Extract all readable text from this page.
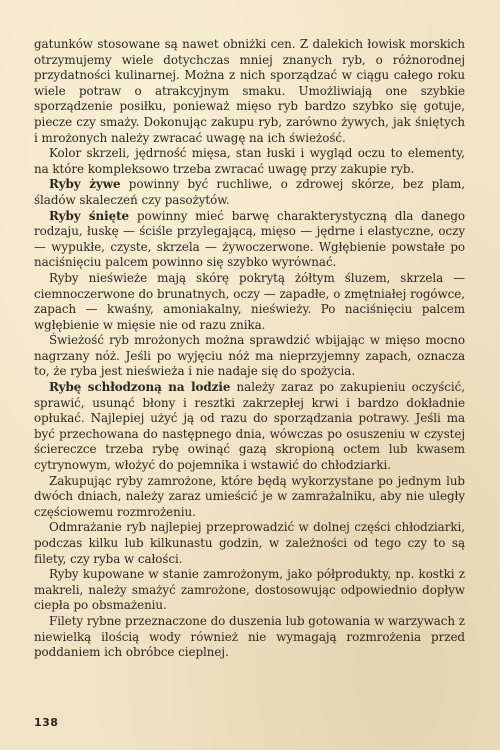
gatunków stosowane są nawet obniżki cen. Z dalekich łowisk morskich otrzymujemy wiele dotychczas mniej znanych ryb, o różnorodnej przydatności kulinarnej. Można z nich sporządzać w ciągu całego roku wiele potraw o atrakcyjnym smaku. Umożliwiają one szybkie sporządzenie posiłku, ponieważ mięso ryb bardzo szybko się gotuje, piecze czy smaży. Dokonując zakupu ryb, zarówno żywych, jak śniętych i mrożonych należy zwracać uwagę na ich świeżość.

Kolor skrzeli, jędrność mięsa, stan łuski i wygląd oczu to elementy, na które kompleksowo trzeba zwracać uwagę przy zakupie ryb.

Ryby żywe powinny być ruchliwe, o zdrowej skórze, bez plam, śladów skaleczeń czy pasożytów.

Ryby śnięte powinny mieć barwę charakterystyczną dla danego rodzaju, łuskę — ściśle przylegającą, mięso — jędrne i elastyczne, oczy — wypukłe, czyste, skrzela — żywoczerwone. Wgłębienie powstałe po naciśnięciu palcem powinno się szybko wyrównać.

Ryby nieświeże mają skórę pokrytą żółtym śluzem, skrzela — ciemnoczerwone do brunatnych, oczy — zapadłe, o zmętniałej rogówce, zapach — kwaśny, amoniakalny, nieświeży. Po naciśnięciu palcem wgłębienie w mięsie nie od razu znika.

Świeżość ryb mrożonych można sprawdzić wbijając w mięso mocno nagrzany nóż. Jeśli po wyjęciu nóż ma nieprzyjemny zapach, oznacza to, że ryba jest nieświeża i nie nadaje się do spożycia.

Rybę schłodzoną na lodzie należy zaraz po zakupieniu oczyścić, sprawić, usunąć błony i resztki zakrzepłej krwi i bardzo dokładnie opłukać. Najlepiej użyć ją od razu do sporządzania potrawy. Jeśli ma być przechowana do następnego dnia, wówczas po osuszeniu w czystej ściereczce trzeba rybę owinąć gazą skropioną octem lub kwasem cytrynowym, włożyć do pojemnika i wstawić do chłodziarki.

Zakupując ryby zamrożone, które będą wykorzystane po jednym lub dwóch dniach, należy zaraz umieścić je w zamrażalniku, aby nie uległy częściowemu rozmrożeniu.

Odmrażanie ryb najlepiej przeprowadzić w dolnej części chłodziarki, podczas kilku lub kilkunastu godzin, w zależności od tego czy to są filety, czy ryba w całości.

Ryby kupowane w stanie zamrożonym, jako półprodukty, np. kostki z makreli, należy smażyć zamrożone, dostosowując odpowiednio dopływ ciepła po obsmażeniu.

Filety rybne przeznaczone do duszenia lub gotowania w warzywach z niewielką ilością wody również nie wymagają rozmrożenia przed poddaniem ich obróbce cieplnej.

138
